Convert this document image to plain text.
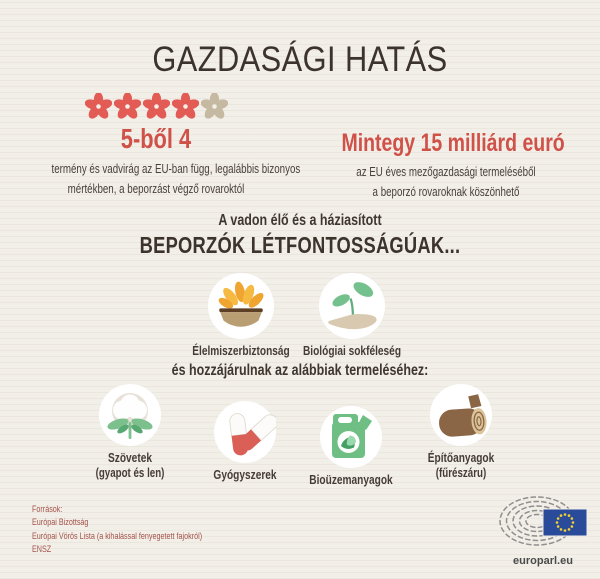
GAZDASÁGI HATÁS
5-ből 4
termény és vadvirág az EU-ban függ, legalábbis bizonyos
mértékben, a beporzást végző rovaroktól
Mintegy 15 milliárd euró
az EU éves mezőgazdasági termeléséből
a beporzó rovaroknak köszönhető
A vadon élő és a háziasított
BEPORZÓK LÉTFONTOSSÁGÚAK...
Élelmiszerbiztonság	Biológiai sokféleség
és hozzájárulnak az alábbiak termeléséhez:
Szövetek
(gyapot és len)	Gyógyszerek	Bioüzemanyagok
Építőanyagok
(fűrészáru)
Források:
Európai Bizottság
Európai Vörös Lista (a kihalással fenyegetett fajokról)
ENSZ
europarl.eu
